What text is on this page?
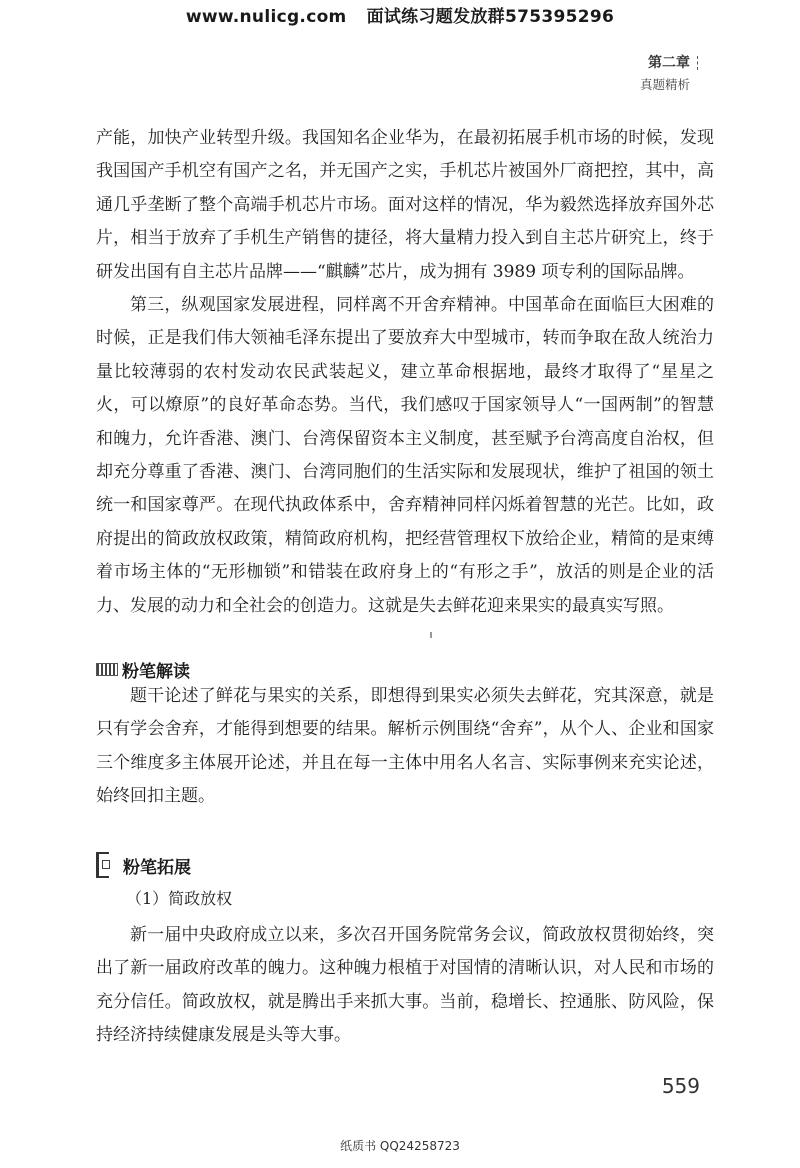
www.nulicg.com 面试练习题发放群575395296
第二章
真题精析

产能，加快产业转型升级。我国知名企业华为，在最初拓展手机市场的时候，发现我国国产手机空有国产之名，并无国产之实，手机芯片被国外厂商把控，其中，高通几乎垄断了整个高端手机芯片市场。面对这样的情况，华为毅然选择放弃国外芯片，相当于放弃了手机生产销售的捷径，将大量精力投入到自主芯片研究上，终于研发出国有自主芯片品牌——“麒麟”芯片，成为拥有 3989 项专利的国际品牌。

第三，纵观国家发展进程，同样离不开舍弃精神。中国革命在面临巨大困难的时候，正是我们伟大领袖毛泽东提出了要放弃大中型城市，转而争取在敌人统治力量比较薄弱的农村发动农民武装起义，建立革命根据地，最终才取得了“星星之火，可以燎原”的良好革命态势。当代，我们感叹于国家领导人“一国两制”的智慧和魄力，允许香港、澳门、台湾保留资本主义制度，甚至赋予台湾高度自治权，但却充分尊重了香港、澳门、台湾同胞们的生活实际和发展现状，维护了祖国的领土统一和国家尊严。在现代执政体系中，舍弃精神同样闪烁着智慧的光芒。比如，政府提出的简政放权政策，精简政府机构，把经营管理权下放给企业，精简的是束缚着市场主体的“无形枷锁”和错装在政府身上的“有形之手”，放活的则是企业的活力、发展的动力和全社会的创造力。这就是失去鲜花迎来果实的最真实写照。

粉笔解读

题干论述了鲜花与果实的关系，即想得到果实必须失去鲜花，究其深意，就是只有学会舍弃，才能得到想要的结果。解析示例围绕“舍弃”，从个人、企业和国家三个维度多主体展开论述，并且在每一主体中用名人名言、实际事例来充实论述，始终回扣主题。

粉笔拓展
（1）简政放权

新一届中央政府成立以来，多次召开国务院常务会议，简政放权贯彻始终，突出了新一届政府改革的魄力。这种魄力根植于对国情的清晰认识，对人民和市场的充分信任。简政放权，就是腾出手来抓大事。当前，稳增长、控通胀、防风险，保持经济持续健康发展是头等大事。

559
纸质书 QQ24258723
